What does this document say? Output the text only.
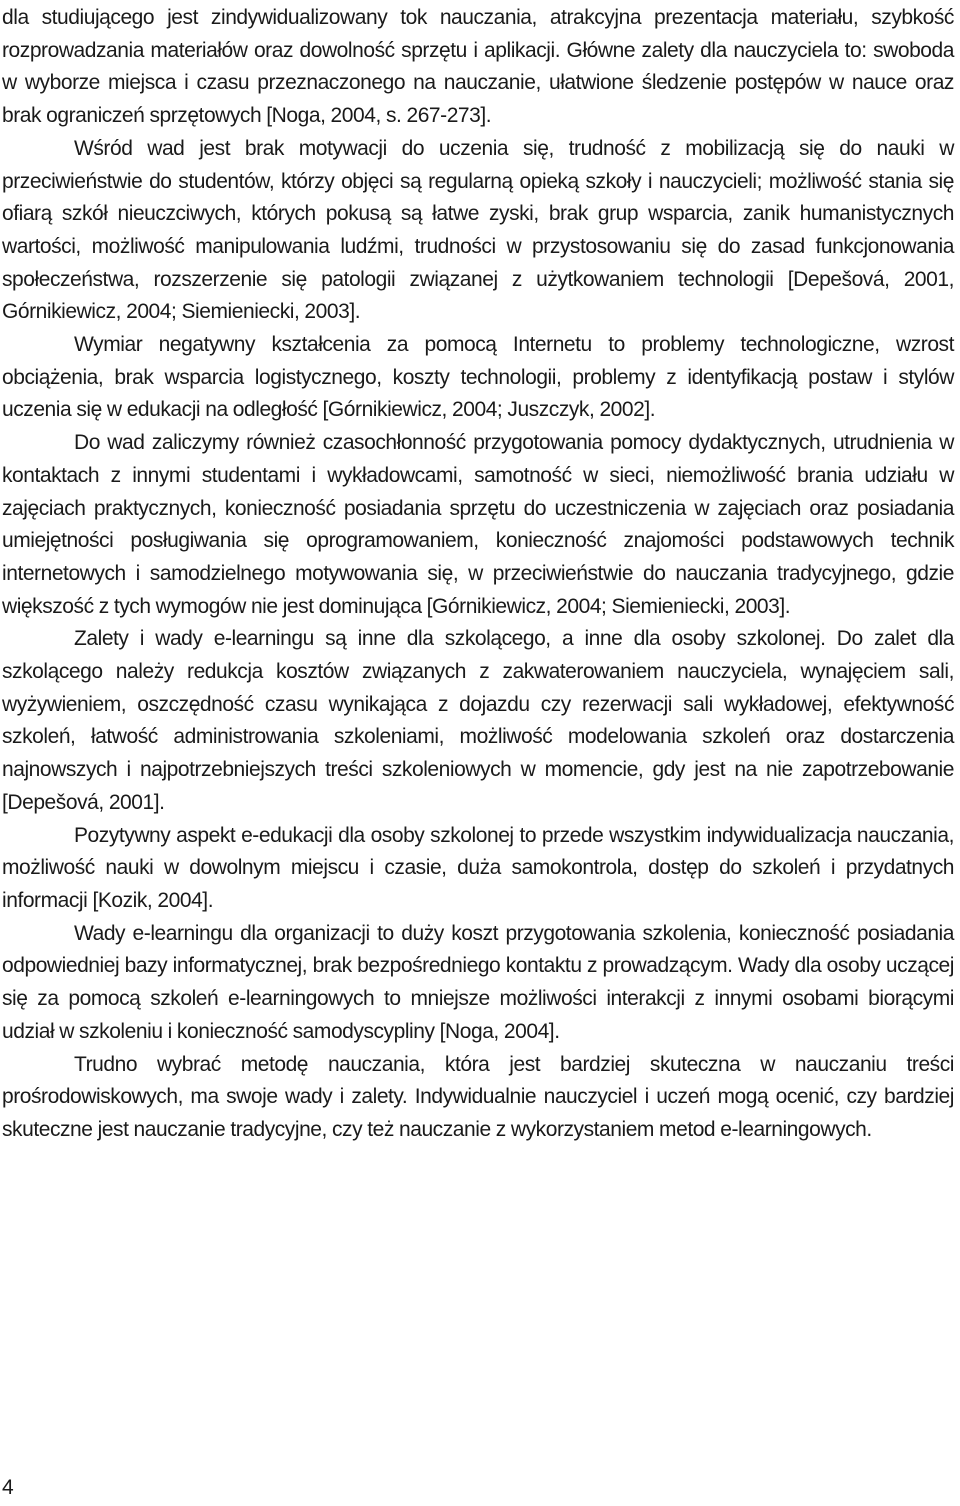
dla studiującego jest zindywidualizowany tok nauczania, atrakcyjna prezentacja materiału, szybkość rozprowadzania materiałów oraz dowolność sprzętu i aplikacji. Główne zalety dla nauczyciela to: swoboda w wyborze miejsca i czasu przeznaczonego na nauczanie, ułatwione śledzenie postępów w nauce oraz brak ograniczeń sprzętowych [Noga, 2004, s. 267-273].

Wśród wad jest brak motywacji do uczenia się, trudność z mobilizacją się do nauki w przeciwieństwie do studentów, którzy objęci są regularną opieką szkoły i nauczycieli; możliwość stania się ofiarą szkół nieuczciwych, których pokusą są łatwe zyski, brak grup wsparcia, zanik humanistycznych wartości, możliwość manipulowania ludźmi, trudności w przystosowaniu się do zasad funkcjonowania społeczeństwa, rozszerzenie się patologii związanej z użytkowaniem technologii [Depešová, 2001, Górnikiewicz, 2004; Siemieniecki, 2003].

Wymiar negatywny kształcenia za pomocą Internetu to problemy technologiczne, wzrost obciążenia, brak wsparcia logistycznego, koszty technologii, problemy z identyfikacją postaw i stylów uczenia się w edukacji na odległość [Górnikiewicz, 2004; Juszczyk, 2002].

Do wad zaliczymy również czasochłonność przygotowania pomocy dydaktycznych, utrudnienia w kontaktach z innymi studentami i wykładowcami, samotność w sieci, niemożliwość brania udziału w zajęciach praktycznych, konieczność posiadania sprzętu do uczestniczenia w zajęciach oraz posiadania umiejętności posługiwania się oprogramowaniem, konieczność znajomości podstawowych technik internetowych i samodzielnego motywowania się, w przeciwieństwie do nauczania tradycyjnego, gdzie większość z tych wymogów nie jest dominująca [Górnikiewicz, 2004; Siemieniecki, 2003].

Zalety i wady e-learningu są inne dla szkolącego, a inne dla osoby szkolonej. Do zalet dla szkolącego należy redukcja kosztów związanych z zakwaterowaniem nauczyciela, wynajęciem sali, wyżywieniem, oszczędność czasu wynikająca z dojazdu czy rezerwacji sali wykładowej, efektywność szkoleń, łatwość administrowania szkoleniami, możliwość modelowania szkoleń oraz dostarczenia najnowszych i najpotrzebniejszych treści szkoleniowych w momencie, gdy jest na nie zapotrzebowanie [Depešová, 2001].

Pozytywny aspekt e-edukacji dla osoby szkolonej to przede wszystkim indywidualizacja nauczania, możliwość nauki w dowolnym miejscu i czasie, duża samokontrola, dostęp do szkoleń i przydatnych informacji [Kozik, 2004].

Wady e-learningu dla organizacji to duży koszt przygotowania szkolenia, konieczność posiadania odpowiedniej bazy informatycznej, brak bezpośredniego kontaktu z prowadzącym. Wady dla osoby uczącej się za pomocą szkoleń e-learningowych to mniejsze możliwości interakcji z innymi osobami biorącymi udział w szkoleniu i konieczność samodyscypliny [Noga, 2004].

Trudno wybrać metodę nauczania, która jest bardziej skuteczna w nauczaniu treści prośrodowiskowych, ma swoje wady i zalety. Indywidualnie nauczyciel i uczeń mogą ocenić, czy bardziej skuteczne jest nauczanie tradycyjne, czy też nauczanie z wykorzystaniem metod e-learningowych.

4
